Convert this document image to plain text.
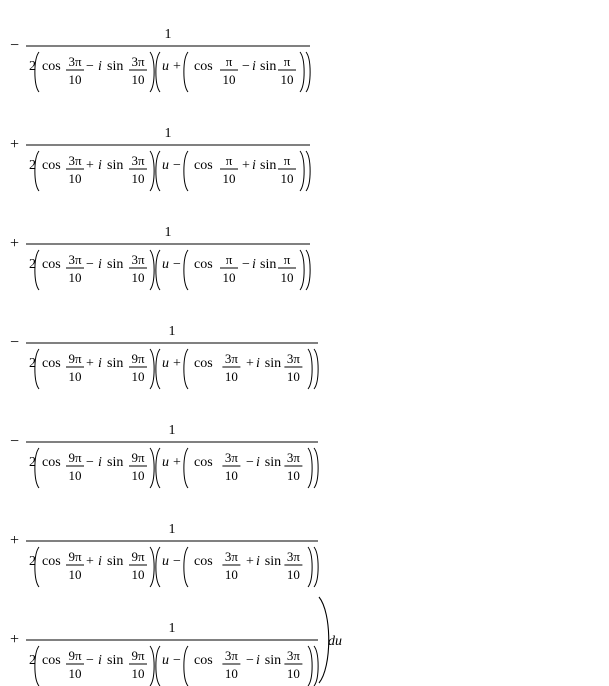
−
1
2 cos 3π
10
− i sin 3π
10
u + cos π
10
− i sin π
10
+
1
2 cos 3π
10
+ i sin 3π
10
u − cos π
10
+ i sin π
10
+
1
2 cos 3π
10
− i sin 3π
10
u − cos π
10
− i sin π
10
−
1
2 cos 9π
10
+ i sin 9π
10
u + cos 3π
10
+ i sin 3π
10
−
1
2 cos 9π
10
− i sin 9π
10
u + cos 3π
10
− i sin 3π
10
+
1
2 cos 9π
10
+ i sin 9π
10
u − cos 3π
10
+ i sin 3π
10
+
1
2 cos 9π
10
− i sin 9π
10
u − cos 3π
10
− i sin 3π
10
du
